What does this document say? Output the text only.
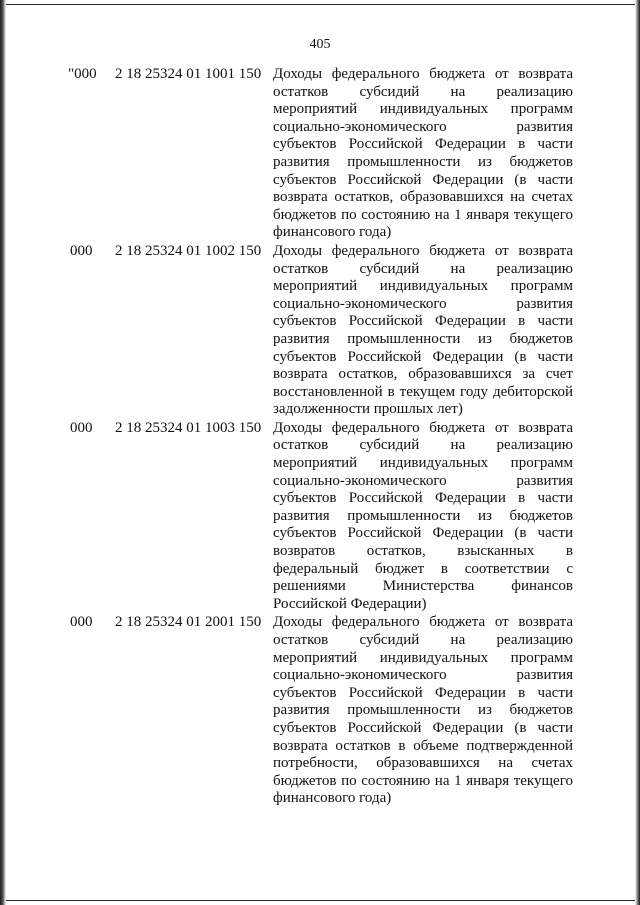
405
"000	2 18 25324 01 1001 150 Доходы федерального бюджета от возврата
остатков субсидий на реализацию
мероприятий индивидуальных программ
социально-экономического развития
субъектов Российской Федерации в части
развития промышленности из бюджетов
субъектов Российской Федерации (в части
возврата остатков, образовавшихся на счетах
бюджетов по состоянию на 1 января текущего
финансового года)
000	2 18 25324 01 1002 150 Доходы федерального бюджета от возврата
остатков субсидий на реализацию
мероприятий индивидуальных программ
социально-экономического развития
субъектов Российской Федерации в части
развития промышленности из бюджетов
субъектов Российской Федерации (в части
возврата остатков, образовавшихся за счет
восстановленной в текущем году дебиторской
задолженности прошлых лет)
000	2 18 25324 01 1003 150 Доходы федерального бюджета от возврата
остатков субсидий на реализацию
мероприятий индивидуальных программ
социально-экономического развития
субъектов Российской Федерации в части
развития промышленности из бюджетов
субъектов Российской Федерации (в части
возвратов остатков, взысканных в
федеральный бюджет в соответствии с
решениями Министерства финансов
Российской Федерации)
000	2 18 25324 01 2001 150 Доходы федерального бюджета от возврата
остатков субсидий на реализацию
мероприятий индивидуальных программ
социально-экономического развития
субъектов Российской Федерации в части
развития промышленности из бюджетов
субъектов Российской Федерации (в части
возврата остатков в объеме подтвержденной
потребности, образовавшихся на счетах
бюджетов по состоянию на 1 января текущего
финансового года)
